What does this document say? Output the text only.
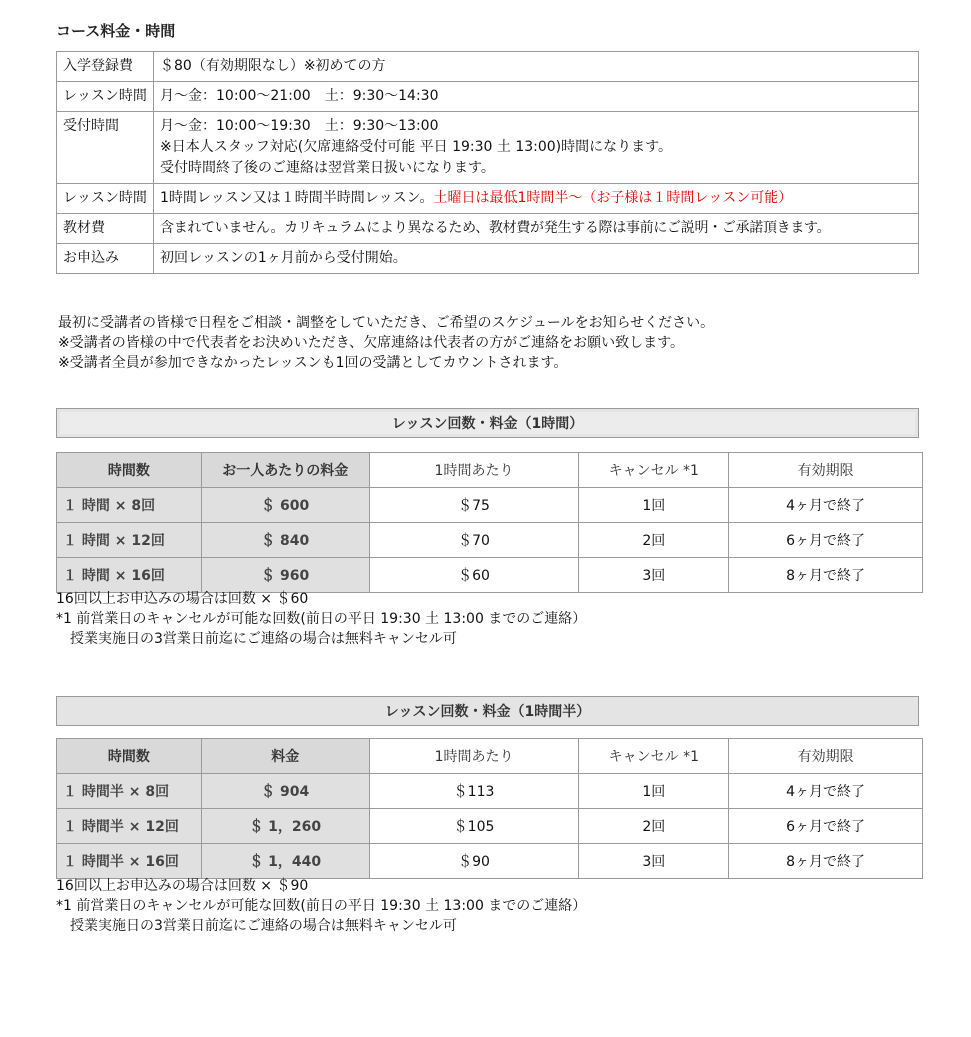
コース料金・時間
入学登録費	＄80（有効期限なし）※初めての方

レッスン時間	月～金：10:00～21:00　土：9:30～14:30

受付時間	月～金：10:00～19:30　土：9:30～13:00
※日本人スタッフ対応(欠席連絡受付可能 平日 19:30 土 13:00)時間になります。
受付時間終了後のご連絡は翌営業日扱いになります。

レッスン時間	1時間レッスン又は１時間半時間レッスン。土曜日は最低1時間半～（お子様は１時間レッスン可能）
教材費	含まれていません。カリキュラムにより異なるため、教材費が発生する際は事前にご説明・ご承諾頂きます。

お申込み	初回レッスンの1ヶ月前から受付開始。
最初に受講者の皆様で日程をご相談・調整をしていただき、ご希望のスケジュールをお知らせください。
※受講者の皆様の中で代表者をお決めいただき、欠席連絡は代表者の方がご連絡をお願い致します。
※受講者全員が参加できなかったレッスンも1回の受講としてカウントされます。
レッスン回数・料金（1時間）
時間数	お一人あたりの料金	1時間あたり	キャンセル *1	有効期限
１ 時間 × 8回	＄ 600	＄75	1回	4ヶ月で終了
１ 時間 × 12回	＄ 840	＄70	2回	6ヶ月で終了
１ 時間 × 16回	＄ 960	＄60	3回	8ヶ月で終了
16回以上お申込みの場合は回数 × ＄60
*1 前営業日のキャンセルが可能な回数(前日の平日 19:30 土 13:00 までのご連絡）
　授業実施日の3営業日前迄にご連絡の場合は無料キャンセル可
レッスン回数・料金（1時間半）
時間数	料金	1時間あたり	キャンセル *1	有効期限
１ 時間半 × 8回	＄ 904	＄113	1回	4ヶ月で終了
１ 時間半 × 12回	＄ 1，260	＄105	2回	6ヶ月で終了
１ 時間半 × 16回	＄ 1，440	＄90	3回	8ヶ月で終了
16回以上お申込みの場合は回数 × ＄90
*1 前営業日のキャンセルが可能な回数(前日の平日 19:30 土 13:00 までのご連絡）
　授業実施日の3営業日前迄にご連絡の場合は無料キャンセル可
